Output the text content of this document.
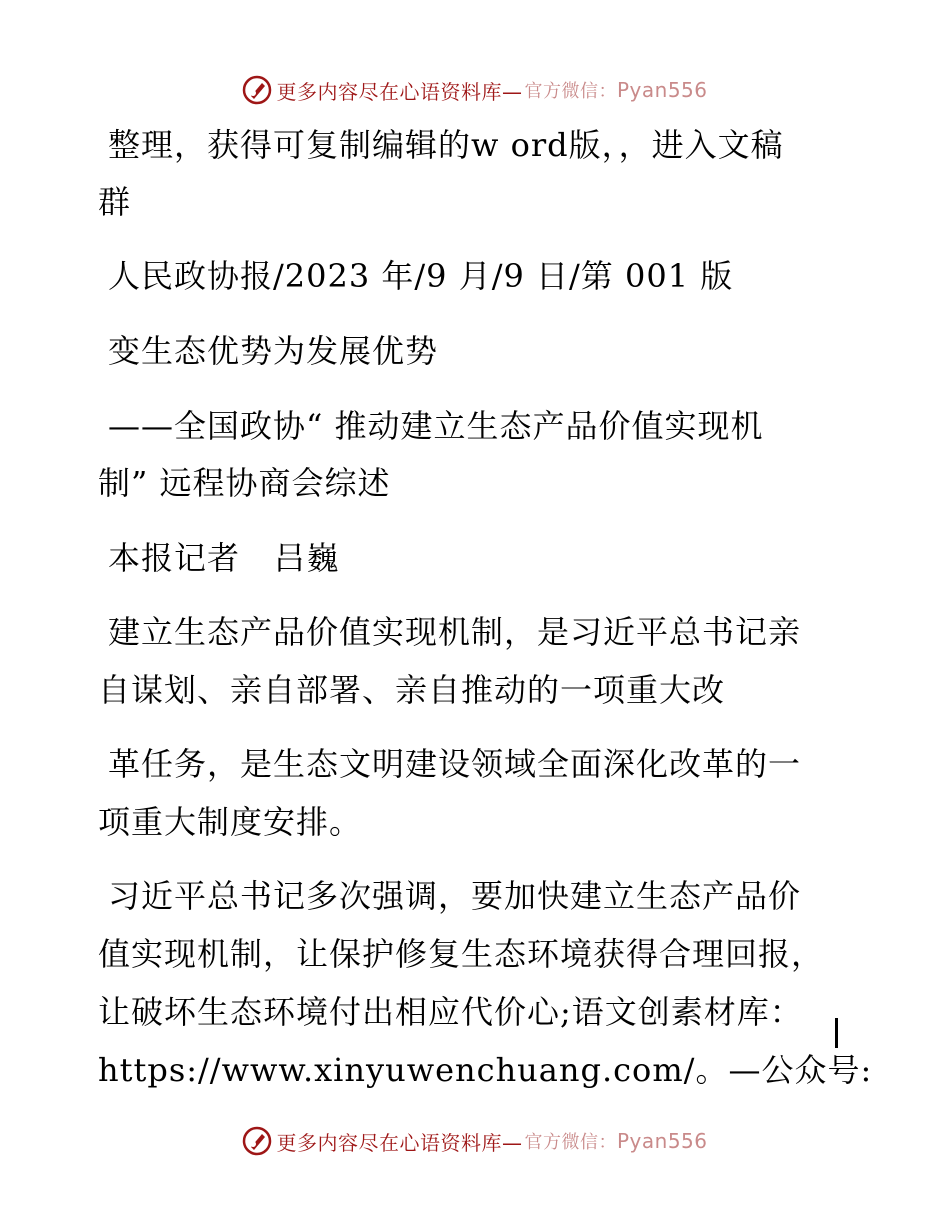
更多内容尽在心语资料库— 官方微信： Pyan556
整理，获得可复制编辑的w ord版，，进入文稿
群
人民政协报/2023 年/9 月/9 日/第 001 版
变生态优势为发展优势
——全国政协“ 推动建立生态产品价值实现机
制” 远程协商会综述
本报记者   吕巍
建立生态产品价值实现机制，是习近平总书记亲
自谋划、亲自部署、亲自推动的一项重大改
革任务，是生态文明建设领域全面深化改革的一
项重大制度安排。
习近平总书记多次强调，要加快建立生态产品价
值实现机制，让保护修复生态环境获得合理回报，
让破坏生态环境付出相应代价心;语文创素材库：
https://www.xinyuwenchuang.com/。—公众号:
更多内容尽在心语资料库— 官方微信： Pyan556
